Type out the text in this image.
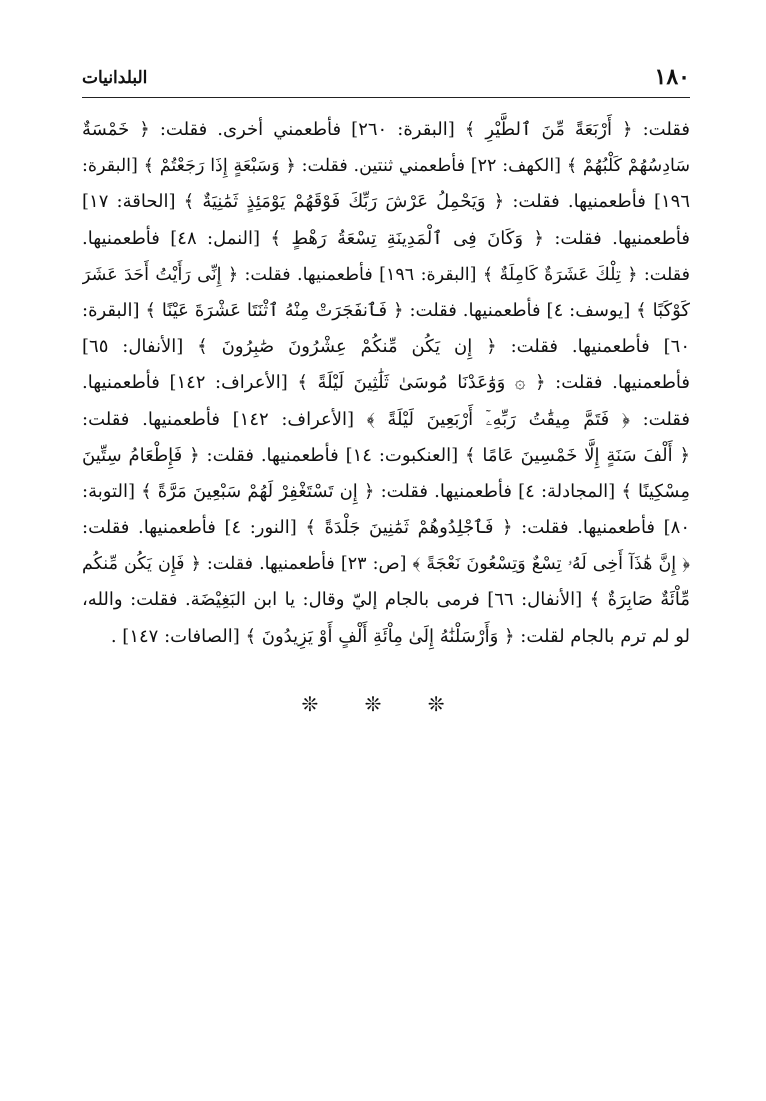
١٨٠
البلدانيات
فقلت: ﴿ أَرْبَعَةً مِّنَ ٱلطَّيْرِ ﴾ [البقرة: ٢٦٠] فأطعمني أخرى. فقلت: ﴿ خَمْسَةٌ
سَادِسُهُمْ كَلْبُهُمْ ﴾ [الكهف: ٢٢] فأطعمني ثنتين. فقلت: ﴿ وَسَبْعَةٍ إِذَا رَجَعْتُمْ ﴾ [البقرة:
١٩٦] فأطعمنيها. فقلت: ﴿ وَيَحْمِلُ عَرْشَ رَبِّكَ فَوْقَهُمْ يَوْمَئِذٍ ثَمَٰنِيَةٌ ﴾ [الحاقة: ١٧]
فأطعمنيها. فقلت: ﴿ وَكَانَ فِى ٱلْمَدِينَةِ تِسْعَةُ رَهْطٍ ﴾ [النمل: ٤٨] فأطعمنيها.
فقلت: ﴿ تِلْكَ عَشَرَةٌ كَامِلَةٌ ﴾ [البقرة: ١٩٦] فأطعمنيها. فقلت: ﴿ إِنِّى رَأَيْتُ أَحَدَ عَشَرَ
كَوْكَبًا ﴾ [يوسف: ٤] فأطعمنيها. فقلت: ﴿ فَٱنفَجَرَتْ مِنْهُ ٱثْنَتَا عَشْرَةَ عَيْنًا ﴾ [البقرة:
٦٠] فأطعمنيها. فقلت: ﴿ إِن يَكُن مِّنكُمْ عِشْرُونَ صَٰبِرُونَ ﴾ [الأنفال: ٦٥]
فأطعمنيها. فقلت: ﴿ ۞ وَوَٰعَدْنَا مُوسَىٰ ثَلَٰثِينَ لَيْلَةً ﴾ [الأعراف: ١٤٢] فأطعمنيها.
فقلت: ﴿ فَتَمَّ مِيقَٰتُ رَبِّهِۦٓ أَرْبَعِينَ لَيْلَةً ﴾ [الأعراف: ١٤٢] فأطعمنيها. فقلت:
﴿ أَلْفَ سَنَةٍ إِلَّا خَمْسِينَ عَامًا ﴾ [العنكبوت: ١٤] فأطعمنيها. فقلت: ﴿ فَإِطْعَامُ سِتِّينَ
مِسْكِينًا ﴾ [المجادلة: ٤] فأطعمنيها. فقلت: ﴿ إِن تَسْتَغْفِرْ لَهُمْ سَبْعِينَ مَرَّةً ﴾ [التوبة:
٨٠] فأطعمنيها. فقلت: ﴿ فَٱجْلِدُوهُمْ ثَمَٰنِينَ جَلْدَةً ﴾ [النور: ٤] فأطعمنيها. فقلت:
﴿ إِنَّ هَٰذَآ أَخِى لَهُۥ تِسْعٌ وَتِسْعُونَ نَعْجَةً ﴾ [ص: ٢٣] فأطعمنيها. فقلت: ﴿ فَإِن يَكُن مِّنكُم
مِّاْئَةٌ صَابِرَةٌ ﴾ [الأنفال: ٦٦] فرمى بالجام إليّ وقال: يا ابن البَغِيْضَة. فقلت: والله،
لو لم ترم بالجام لقلت: ﴿ وَأَرْسَلْنَٰهُ إِلَىٰ مِاْئَةِ أَلْفٍ أَوْ يَزِيدُونَ ﴾ [الصافات: ١٤٧] .
❊ ❊ ❊
